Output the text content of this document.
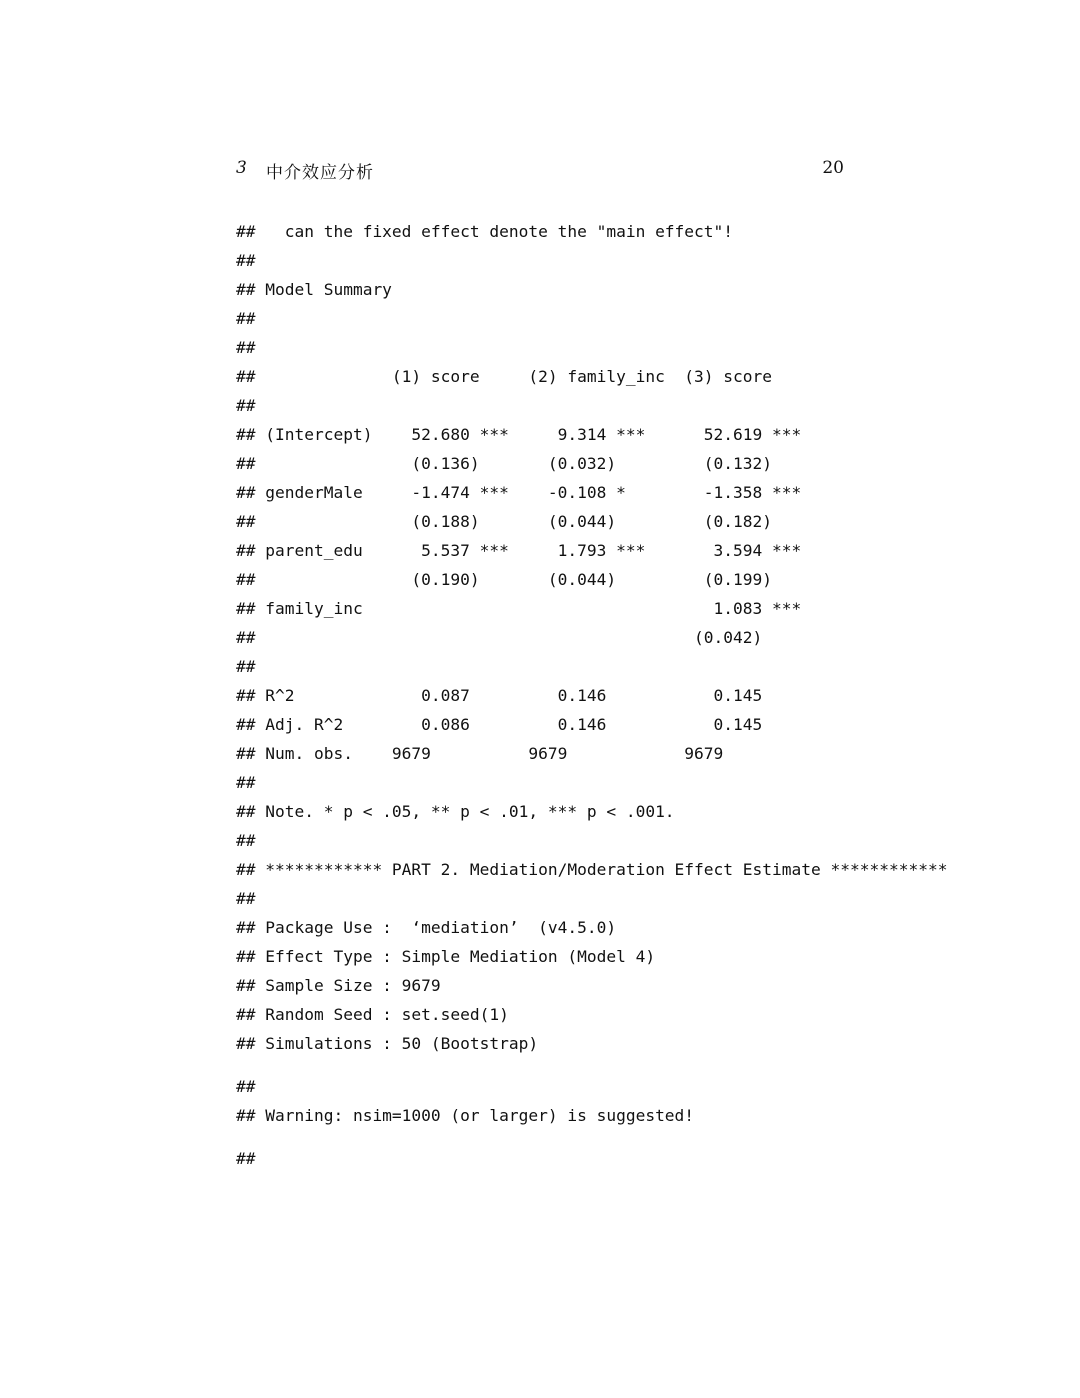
3 中介效应分析	20
##   can the fixed effect denote the "main effect"!
##
## Model Summary
##
##
##              (1) score     (2) family_inc  (3) score
##
## (Intercept)    52.680 ***     9.314 ***      52.619 ***
##                (0.136)       (0.032)         (0.132)
## genderMale     -1.474 ***    -0.108 *        -1.358 ***
##                (0.188)       (0.044)         (0.182)
## parent_edu      5.537 ***     1.793 ***       3.594 ***
##                (0.190)       (0.044)         (0.199)
## family_inc                                    1.083 ***
##                                             (0.042)
##
## R^2             0.087         0.146           0.145
## Adj. R^2        0.086         0.146           0.145
## Num. obs.    9679          9679            9679
##
## Note. * p < .05, ** p < .01, *** p < .001.
##
## ************ PART 2. Mediation/Moderation Effect Estimate ************
##
## Package Use :  ‘mediation’  (v4.5.0)
## Effect Type : Simple Mediation (Model 4)
## Sample Size : 9679
## Random Seed : set.seed(1)
## Simulations : 50 (Bootstrap)
##
## Warning: nsim=1000 (or larger) is suggested!
##
